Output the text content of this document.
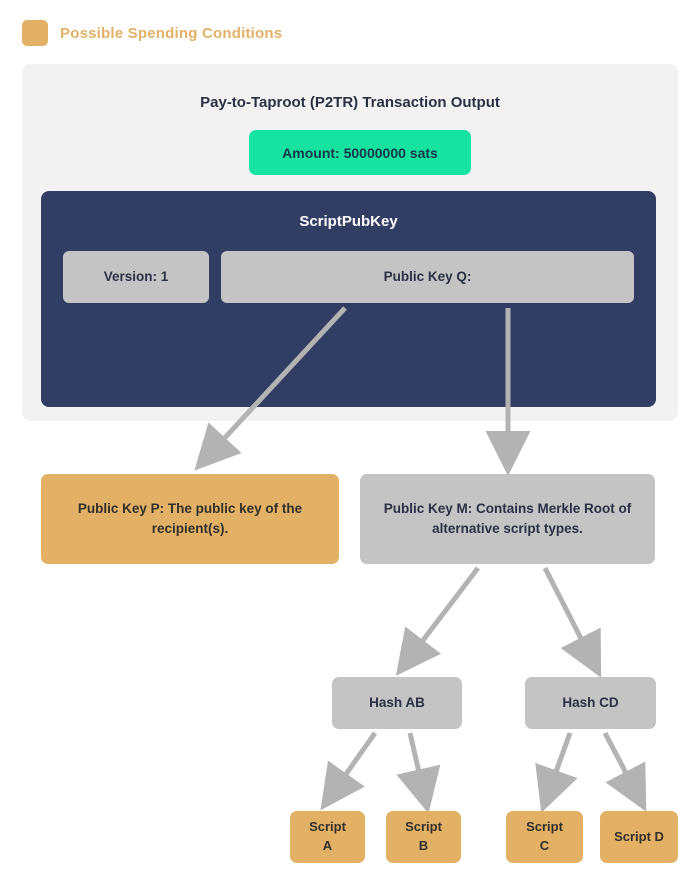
Possible Spending Conditions
Pay-to-Taproot (P2TR) Transaction Output
Amount: 50000000 sats
ScriptPubKey
Version: 1	Public Key Q:
Public Key P: The public key of the recipient(s).
Public Key M: Contains Merkle Root of alternative script types.
Hash AB	Hash CD
Script A
Script B
Script C
Script D
